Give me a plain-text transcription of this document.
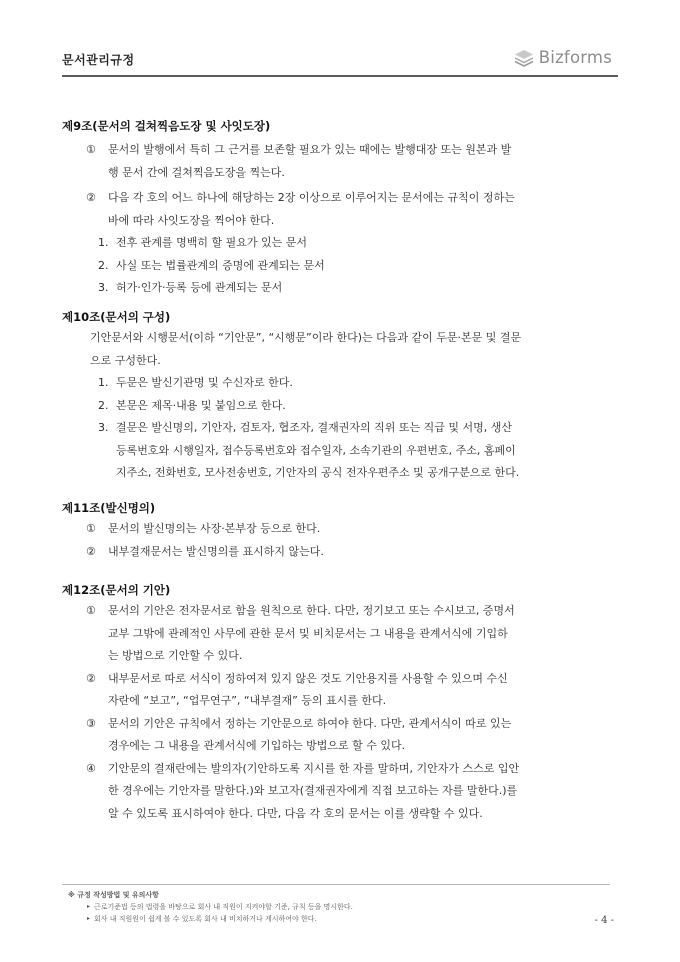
문서관리규정	Bizforms
제9조(문서의 걸쳐찍음도장 및 사잇도장)
① 문서의 발행에서 특히 그 근거를 보존할 필요가 있는 때에는 발행대장 또는 원본과 발
행 문서 간에 걸쳐찍음도장을 찍는다.
② 다음 각 호의 어느 하나에 해당하는 2장 이상으로 이루어지는 문서에는 규칙이 정하는
바에 따라 사잇도장을 찍어야 한다.
1. 전후 관계를 명백히 할 필요가 있는 문서
2. 사실 또는 법률관계의 증명에 관계되는 문서
3. 허가·인가·등록 등에 관계되는 문서
제10조(문서의 구성)
기안문서와 시행문서(이하 “기안문”, “시행문”이라 한다)는 다음과 같이 두문·본문 및 결문
으로 구성한다.
1. 두문은 발신기관명 및 수신자로 한다.
2. 본문은 제목·내용 및 붙임으로 한다.
3. 결문은 발신명의, 기안자, 검토자, 협조자, 결재권자의 직위 또는 직급 및 서명, 생산
등록번호와 시행일자, 접수등록번호와 접수일자, 소속기관의 우편번호, 주소, 홈페이
지주소, 전화번호, 모사전송번호, 기안자의 공식 전자우편주소 및 공개구분으로 한다.
제11조(발신명의)
① 문서의 발신명의는 사장·본부장 등으로 한다.
② 내부결재문서는 발신명의를 표시하지 않는다.
제12조(문서의 기안)
① 문서의 기안은 전자문서로 함을 원칙으로 한다. 다만, 정기보고 또는 수시보고, 증명서
교부 그밖에 관례적인 사무에 관한 문서 및 비치문서는 그 내용을 관계서식에 기입하
는 방법으로 기안할 수 있다.
② 내부문서로 따로 서식이 정하여져 있지 않은 것도 기안용지를 사용할 수 있으며 수신
자란에 “보고”, “업무연구”, “내부결재” 등의 표시를 한다.
③ 문서의 기안은 규칙에서 정하는 기안문으로 하여야 한다. 다만, 관계서식이 따로 있는
경우에는 그 내용을 관계서식에 기입하는 방법으로 할 수 있다.
④ 기안문의 결재란에는 발의자(기안하도록 지시를 한 자를 말하며, 기안자가 스스로 입안
한 경우에는 기안자를 말한다.)와 보고자(결재권자에게 직접 보고하는 자를 말한다.)를
알 수 있도록 표시하여야 한다. 다만, 다음 각 호의 문서는 이를 생략할 수 있다.
※ 규정 작성방법 및 유의사항
▸ 근로기준법 등의 법령을 바탕으로 회사 내 직원이 지켜야할 기준, 규칙 등을 명시한다.
▸ 회사 내 직원원이 쉽게 볼 수 있도록 회사 내 비치하거나 게시하여야 한다.	- 4 -
